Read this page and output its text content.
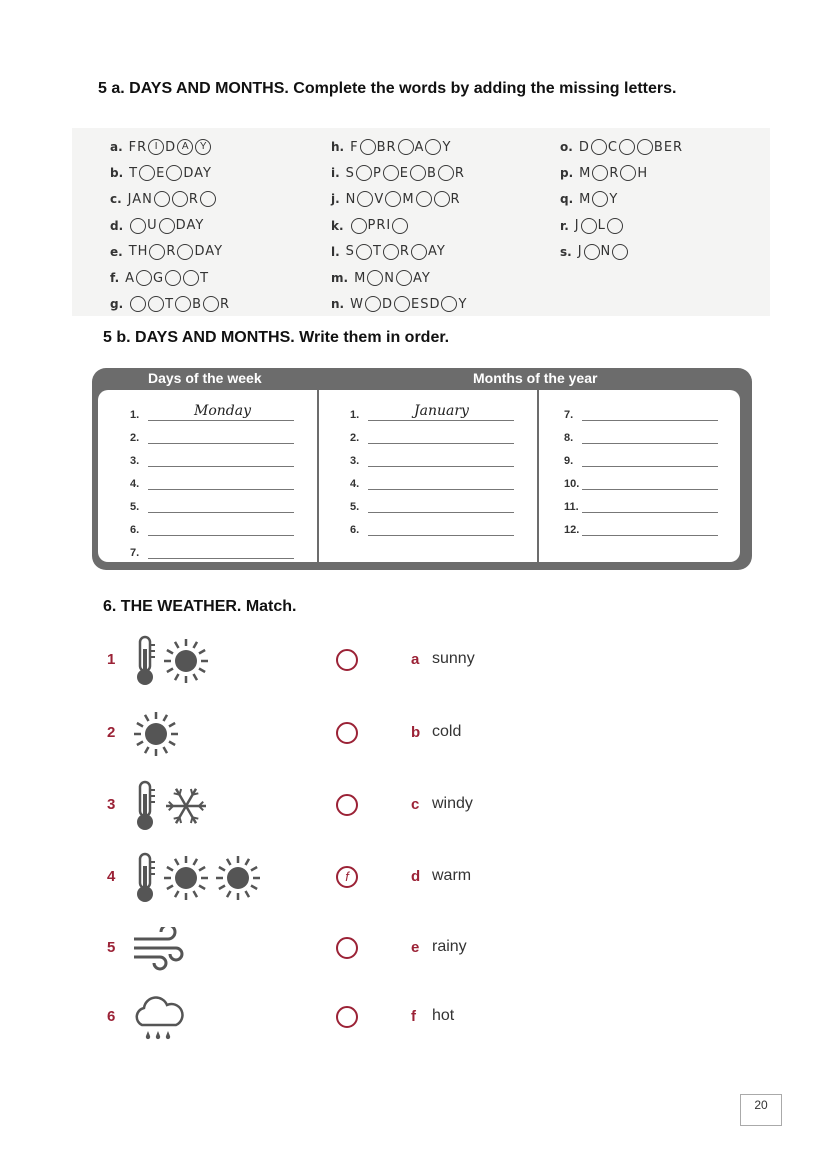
5 a. DAYS AND MONTHS. Complete the words by adding the missing letters.
a. FR
I D
A
Y
b. T E DAY
c. JAN	R
d. U DAY
e. TH R DAY
f. A G	T
g.	T B R
h. F BR A Y
i. S P E B R
j. N V M	R
k. PRI
l. S T R AY
m. M N AY
n. W D ESD Y
o. D C	BER
p. M R H
q. M Y
r. J L
s. J N
5 b. DAYS AND MONTHS. Write them in order.
Days of the week	Months of the year
1.	Monday
2.
3.
4.
5.
6.
7.
1.	January
2.
3.
4.
5.
6.
7.
8.
9.
10.
11.
12.
6. THE WEATHER. Match.
1	a sunny
2	b cold
3	c windy
4	f	d warm
5	e rainy
6	f hot
20
